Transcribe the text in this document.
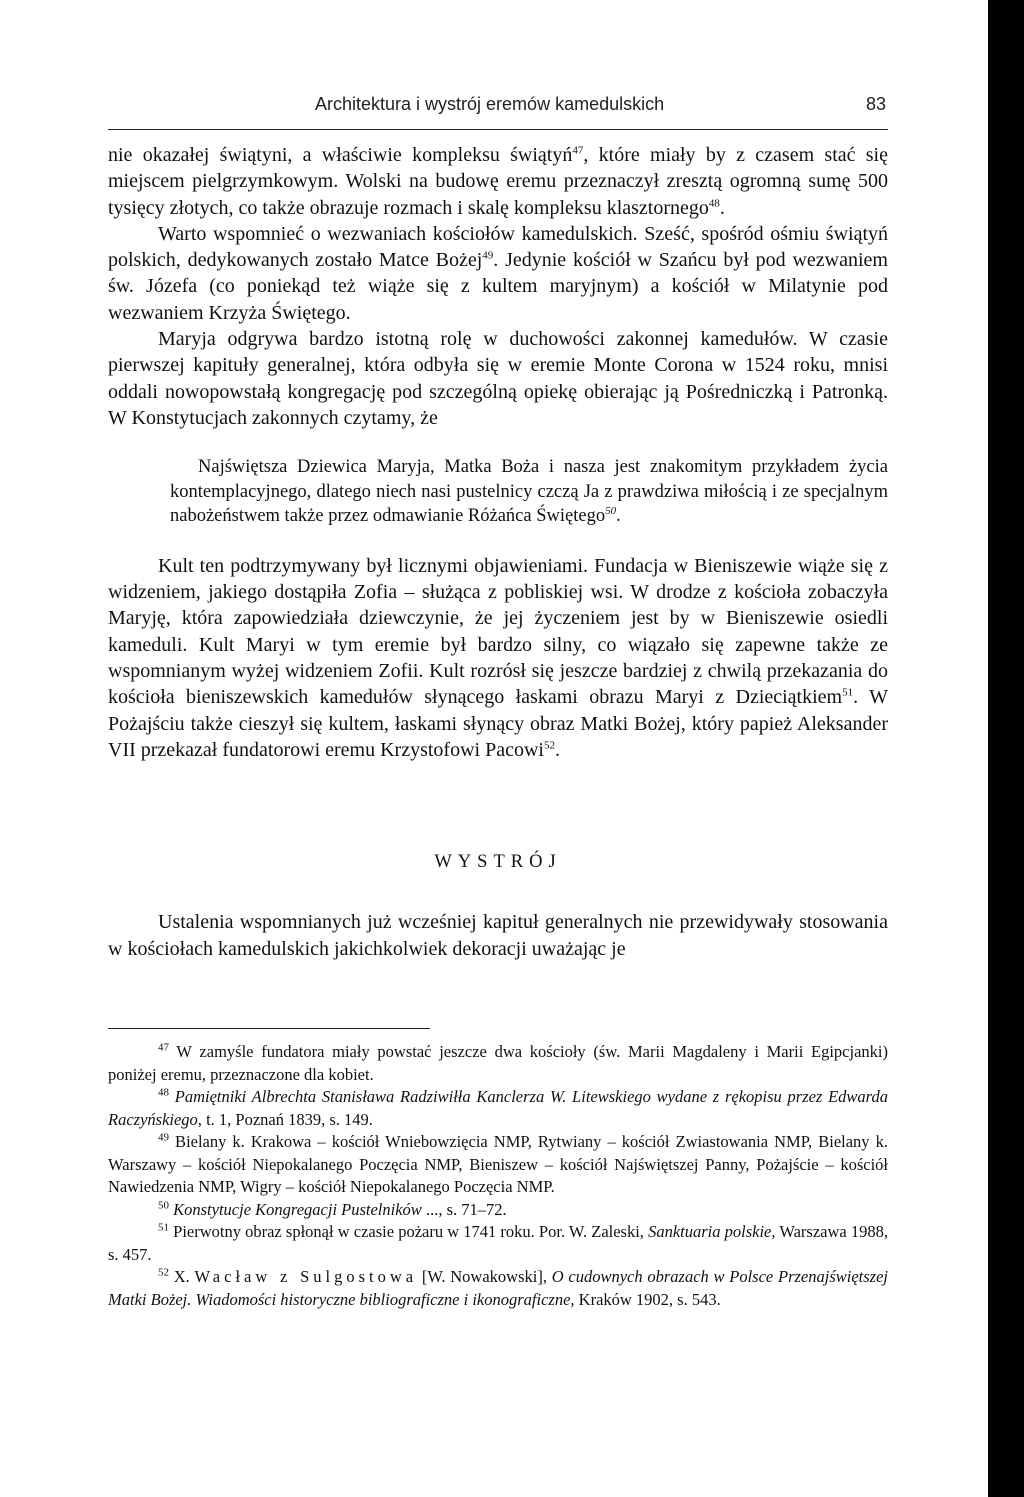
Architektura i wystrój eremów kamedulskich	83

nie okazałej świątyni, a właściwie kompleksu świątyń$^{47}$, które miały by z czasem stać się miejscem pielgrzymkowym. Wolski na budowę eremu przeznaczył zresztą ogromną sumę 500 tysięcy złotych, co także obrazuje rozmach i skalę kompleksu klasztornego$^{48}$.

Warto wspomnieć o wezwaniach kościołów kamedulskich. Sześć, spośród ośmiu świątyń polskich, dedykowanych zostało Matce Bożej$^{49}$. Jedynie kościół w Szańcu był pod wezwaniem św. Józefa (co poniekąd też wiąże się z kultem maryjnym) a kościół w Milatynie pod wezwaniem Krzyża Świętego.

Maryja odgrywa bardzo istotną rolę w duchowości zakonnej kamedułów. W czasie pierwszej kapituły generalnej, która odbyła się w eremie Monte Corona w 1524 roku, mnisi oddali nowopowstałą kongregację pod szczególną opiekę obierając ją Pośredniczką i Patronką. W Konstytucjach zakonnych czytamy, że

Najświętsza Dziewica Maryja, Matka Boża i nasza jest znakomitym przykładem życia kontemplacyjnego, dlatego niech nasi pustelnicy czczą Ja z prawdziwa miłością i ze specjalnym nabożeństwem także przez odmawianie Różańca Świętego$^{50}$.

Kult ten podtrzymywany był licznymi objawieniami. Fundacja w Bieniszewie wiąże się z widzeniem, jakiego dostąpiła Zofia – służąca z pobliskiej wsi. W drodze z kościoła zobaczyła Maryję, która zapowiedziała dziewczynie, że jej życzeniem jest by w Bieniszewie osiedli kameduli. Kult Maryi w tym eremie był bardzo silny, co wiązało się zapewne także ze wspomnianym wyżej widzeniem Zofii. Kult rozrósł się jeszcze bardziej z chwilą przekazania do kościoła bieniszewskich kamedułów słynącego łaskami obrazu Maryi z Dzieciątkiem$^{51}$. W Pożajściu także cieszył się kultem, łaskami słynący obraz Matki Bożej, który papież Aleksander VII przekazał fundatorowi eremu Krzystofowi Pacowi$^{52}$.

WYSTRÓJ

Ustalenia wspomnianych już wcześniej kapituł generalnych nie przewidywały stosowania w kościołach kamedulskich jakichkolwiek dekoracji uważając je

$^{47}$ W zamyśle fundatora miały powstać jeszcze dwa kościoły (św. Marii Magdaleny i Marii Egipcjanki) poniżej eremu, przeznaczone dla kobiet.

$^{48}$ Pamiętniki Albrechta Stanisława Radziwiłła Kanclerza W. Litewskiego wydane z rękopisu przez Edwarda Raczyńskiego, t. 1, Poznań 1839, s. 149.

$^{49}$ Bielany k. Krakowa – kościół Wniebowzięcia NMP, Rytwiany – kościół Zwiastowania NMP, Bielany k. Warszawy – kościół Niepokalanego Poczęcia NMP, Bieniszew – kościół Najświętszej Panny, Pożajście – kościół Nawiedzenia NMP, Wigry – kościół Niepokalanego Poczęcia NMP.

$^{50}$ Konstytucje Kongregacji Pustelników ..., s. 71–72.

$^{51}$ Pierwotny obraz spłonął w czasie pożaru w 1741 roku. Por. W. Zaleski, Sanktuaria polskie, Warszawa 1988, s. 457.

$^{52}$ X. Wacław z Sulgostowa [W. Nowakowski], O cudownych obrazach w Polsce Przenajświętszej Matki Bożej. Wiadomości historyczne bibliograficzne i ikonograficzne, Kraków 1902, s. 543.
